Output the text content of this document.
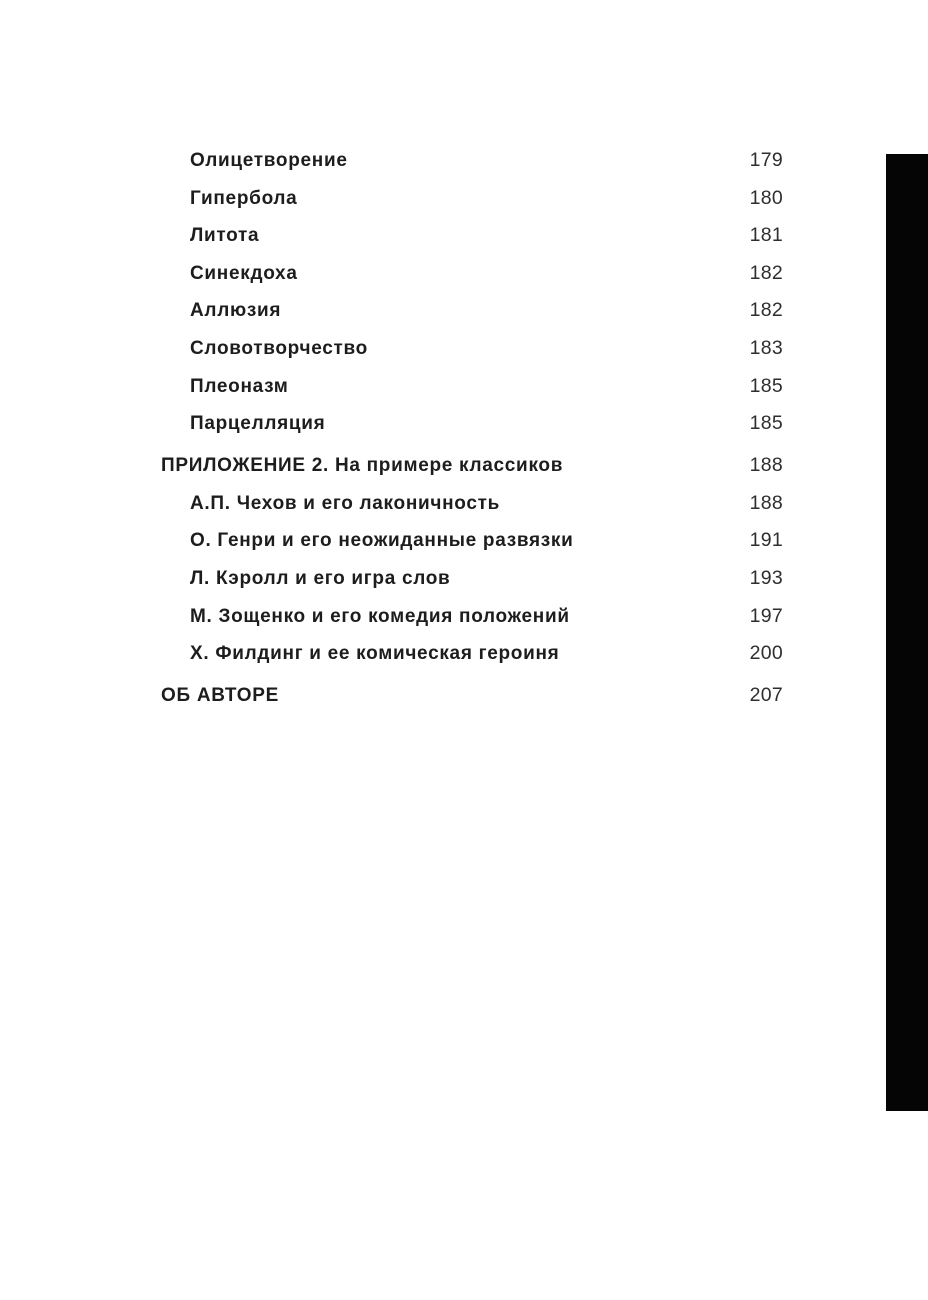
Олицетворение	179
Гипербола	180
Литота	181
Синекдоха	182
Аллюзия	182
Словотворчество	183
Плеоназм	185
Парцелляция	185
ПРИЛОЖЕНИЕ 2. На примере классиков	188
А.П. Чехов и его лаконичность	188
О. Генри и его неожиданные развязки	191
Л. Кэролл и его игра слов	193
М. Зощенко и его комедия положений	197
Х. Филдинг и ее комическая героиня	200
ОБ АВТОРЕ	207
